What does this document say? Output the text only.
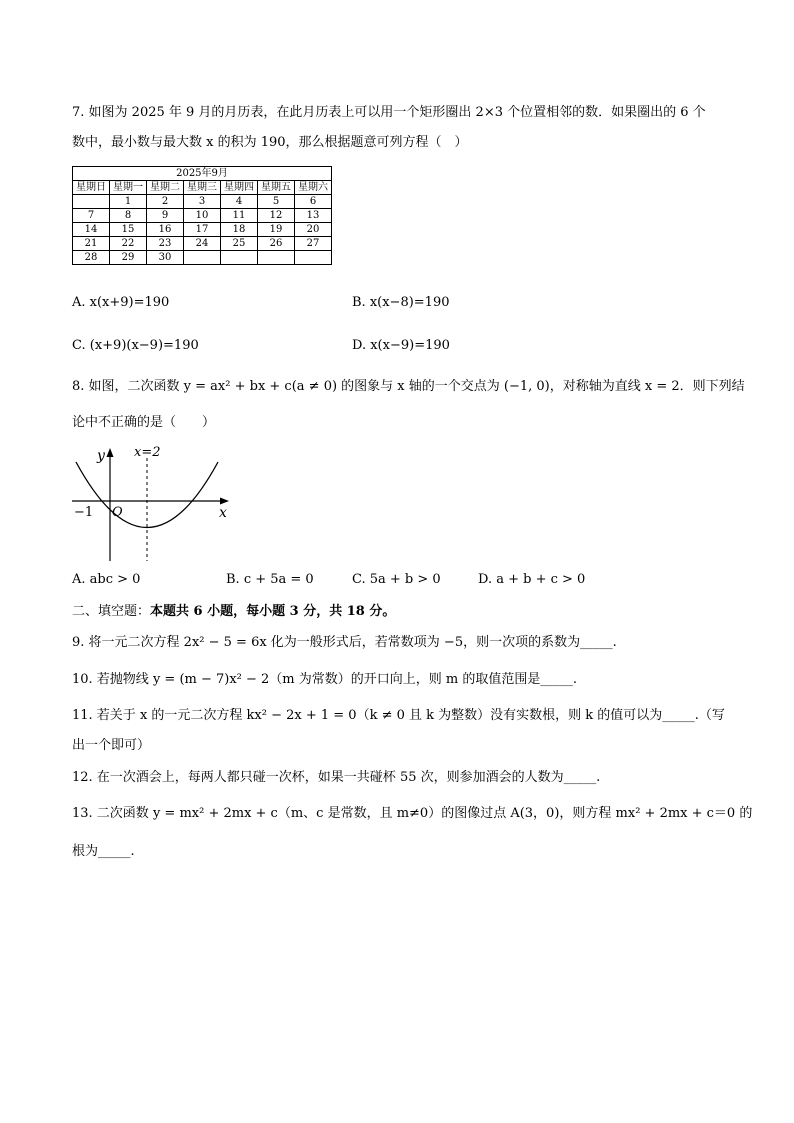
7. 如图为 2025 年 9 月的月历表，在此月历表上可以用一个矩形圈出 2×3 个位置相邻的数．如果圈出的 6 个
数中，最小数与最大数 x 的积为 190，那么根据题意可列方程（　）
2025年9月						
星期日	星期一	星期二	星期三	星期四	星期五	星期六
	1	2	3	4	5	6
7	8	9	10	11	12	13
14	15	16	17	18	19	20
21	22	23	24	25	26	27
28	29	30				
A. x(x+9)=190	B. x(x−8)=190
C. (x+9)(x−9)=190	D. x(x−9)=190
8. 如图，二次函数 y = ax² + bx + c(a ≠ 0) 的图象与 x 轴的一个交点为 (−1, 0)，对称轴为直线 x = 2．则下列结
论中不正确的是（　　）
y x=2
−1 O	x
A. abc > 0	B. c + 5a = 0	C. 5a + b > 0	D. a + b + c > 0
二、填空题：本题共 6 小题，每小题 3 分，共 18 分。
9. 将一元二次方程 2x² − 5 = 6x 化为一般形式后，若常数项为 −5，则一次项的系数为_____.
10. 若抛物线 y = (m − 7)x² − 2（m 为常数）的开口向上，则 m 的取值范围是_____.
11. 若关于 x 的一元二次方程 kx² − 2x + 1 = 0（k ≠ 0 且 k 为整数）没有实数根，则 k 的值可以为_____.（写
出一个即可）
12. 在一次酒会上，每两人都只碰一次杯，如果一共碰杯 55 次，则参加酒会的人数为_____.
13. 二次函数 y = mx² + 2mx + c（m、c 是常数，且 m≠0）的图像过点 A(3，0)，则方程 mx² + 2mx + c＝0 的
根为_____.
